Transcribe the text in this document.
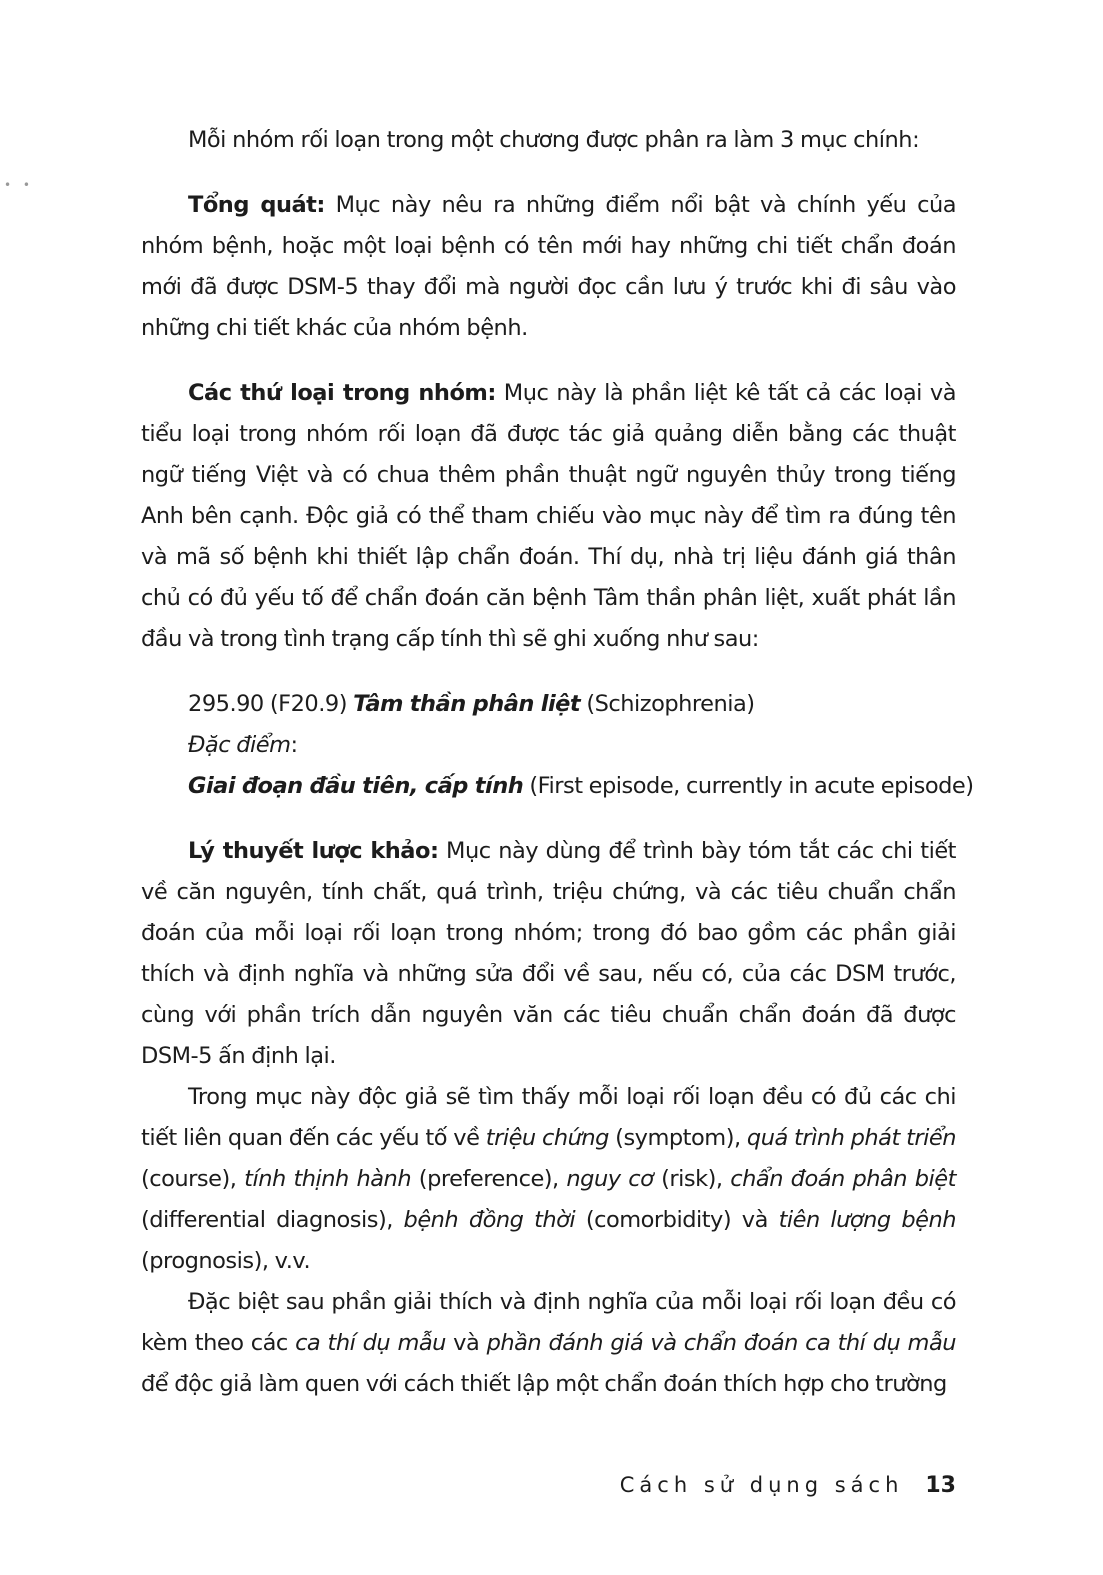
• •

Mỗi nhóm rối loạn trong một chương được phân ra làm 3 mục chính:

Tổng quát: Mục này nêu ra những điểm nổi bật và chính yếu của nhóm bệnh, hoặc một loại bệnh có tên mới hay những chi tiết chẩn đoán mới đã được DSM-5 thay đổi mà người đọc cần lưu ý trước khi đi sâu vào những chi tiết khác của nhóm bệnh.

Các thứ loại trong nhóm: Mục này là phần liệt kê tất cả các loại và tiểu loại trong nhóm rối loạn đã được tác giả quảng diễn bằng các thuật ngữ tiếng Việt và có chua thêm phần thuật ngữ nguyên thủy trong tiếng Anh bên cạnh. Độc giả có thể tham chiếu vào mục này để tìm ra đúng tên và mã số bệnh khi thiết lập chẩn đoán. Thí dụ, nhà trị liệu đánh giá thân chủ có đủ yếu tố để chẩn đoán căn bệnh Tâm thần phân liệt, xuất phát lần đầu và trong tình trạng cấp tính thì sẽ ghi xuống như sau:

295.90 (F20.9) Tâm thần phân liệt (Schizophrenia)

Đặc điểm:

Giai đoạn đầu tiên, cấp tính (First episode, currently in acute episode)

Lý thuyết lược khảo: Mục này dùng để trình bày tóm tắt các chi tiết về căn nguyên, tính chất, quá trình, triệu chứng, và các tiêu chuẩn chẩn đoán của mỗi loại rối loạn trong nhóm; trong đó bao gồm các phần giải thích và định nghĩa và những sửa đổi về sau, nếu có, của các DSM trước, cùng với phần trích dẫn nguyên văn các tiêu chuẩn chẩn đoán đã được DSM-5 ấn định lại.

Trong mục này độc giả sẽ tìm thấy mỗi loại rối loạn đều có đủ các chi tiết liên quan đến các yếu tố về triệu chứng (symptom), quá trình phát triển (course), tính thịnh hành (preference), nguy cơ (risk), chẩn đoán phân biệt (differential diagnosis), bệnh đồng thời (comorbidity) và tiên lượng bệnh (prognosis), v.v.

Đặc biệt sau phần giải thích và định nghĩa của mỗi loại rối loạn đều có kèm theo các ca thí dụ mẫu và phần đánh giá và chẩn đoán ca thí dụ mẫu để độc giả làm quen với cách thiết lập một chẩn đoán thích hợp cho trường

Cách sử dụng sách 13
